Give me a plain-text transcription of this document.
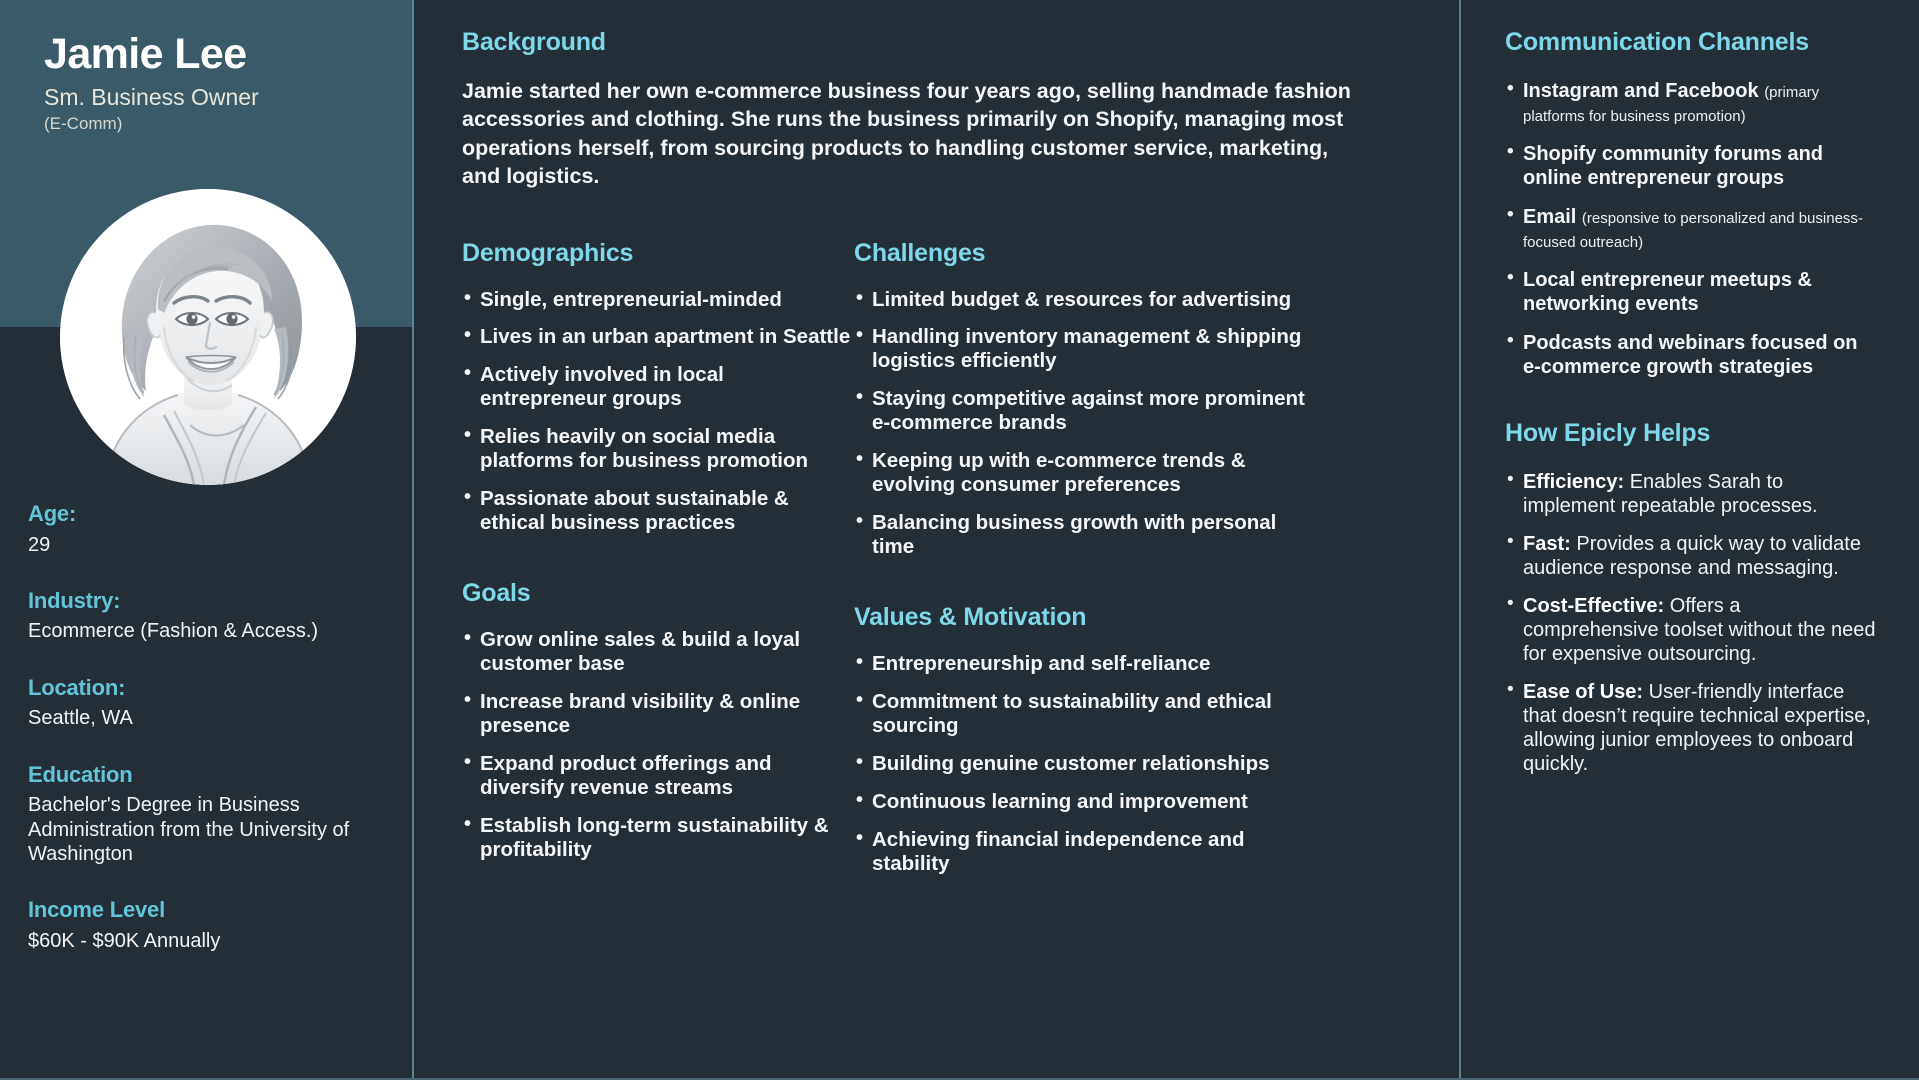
Jamie Lee

Sm. Business Owner

(E-Comm)

Age:

29

Industry:

Ecommerce (Fashion & Access.)

Location:

Seattle, WA

Education

Bachelor's Degree in Business Administration from the University of Washington

Income Level

$60K - $90K Annually

Background

Jamie started her own e-commerce business four years ago, selling handmade fashion accessories and clothing. She runs the business primarily on Shopify, managing most operations herself, from sourcing products to handling customer service, marketing, and logistics.

Demographics
• Single, entrepreneurial-minded
• Lives in an urban apartment in Seattle
• Actively involved in local entrepreneur groups
• Relies heavily on social media platforms for business promotion
• Passionate about sustainable & ethical business practices
Goals
• Grow online sales & build a loyal customer base
• Increase brand visibility & online presence
• Expand product offerings and diversify revenue streams
• Establish long-term sustainability & profitability
Challenges
• Limited budget & resources for advertising
• Handling inventory management & shipping logistics efficiently
• Staying competitive against more prominent e-commerce brands
• Keeping up with e-commerce trends & evolving consumer preferences
• Balancing business growth with personal time
Values & Motivation
• Entrepreneurship and self-reliance
• Commitment to sustainability and ethical sourcing
• Building genuine customer relationships
• Continuous learning and improvement
• Achieving financial independence and stability
Communication Channels
• Instagram and Facebook (primary platforms for business promotion)
• Shopify community forums and online entrepreneur groups
• Email (responsive to personalized and business-focused outreach)
• Local entrepreneur meetups & networking events
• Podcasts and webinars focused on e-commerce growth strategies
How Epicly Helps
• Efficiency: Enables Sarah to implement repeatable processes.
• Fast: Provides a quick way to validate audience response and messaging.
• Cost-Effective: Offers a comprehensive toolset without the need for expensive outsourcing.
• Ease of Use: User-friendly interface that doesn’t require technical expertise, allowing junior employees to onboard quickly.
